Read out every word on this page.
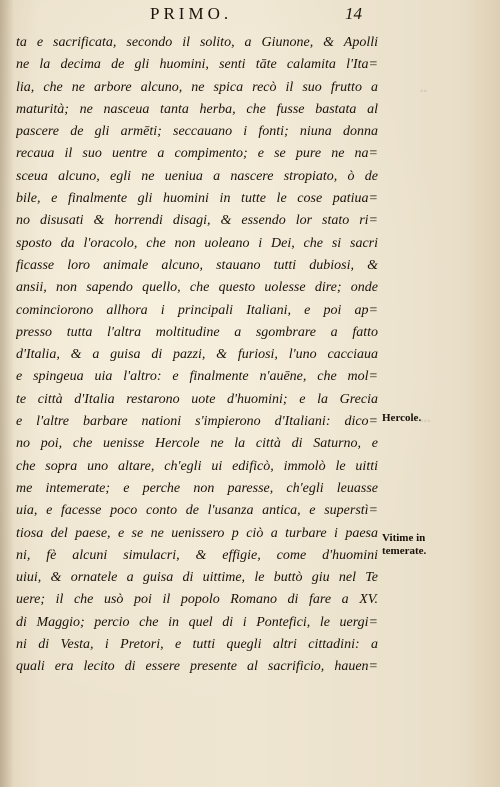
PRIMO.	14
ta e sacrificata, secondo il solito, a Giunone, & Apolli
ne la decima de gli huomini, senti tāte calamita l'Ita=
lia, che ne arbore alcuno, ne spica recò il suo frutto a
maturità; ne nasceua tanta herba, che fusse bastata al
pascere de gli armēti; seccauano i fonti; niuna donna
recaua il suo uentre a compimento; e se pure ne na=
sceua alcuno, egli ne ueniua a nascere stropiato, ò de
bile, e finalmente gli huomini in tutte le cose patiua=
no disusati & horrendi disagi, & essendo lor stato ri=
sposto da l'oracolo, che non uoleano i Dei, che si sacri
ficasse loro animale alcuno, stauano tutti dubiosi, &
ansii, non sapendo quello, che questo uolesse dire; onde
cominciorono allhora i principali Italiani, e poi ap=
presso tutta l'altra moltitudine a sgombrare a fatto
d'Italia, & a guisa di pazzi, & furiosi, l'uno cacciaua
e spingeua uia l'altro: e finalmente n'auēne, che mol=
te città d'Italia restarono uote d'huomini; e la Grecia
e l'altre barbare nationi s'impierono d'Italiani: dico=
no poi, che uenisse Hercole ne la città di Saturno, e
che sopra uno altare, ch'egli ui edificò, immolò le uitti
me intemerate; e perche non paresse, ch'egli leuasse
uia, e facesse poco conto de l'usanza antica, e superstì=
tiosa del paese, e se ne uenissero p ciò a turbare i paesa
ni, fè alcuni simulacri, & effigie, come d'huomini
uiui, & ornatele a guisa di uittime, le buttò giu nel Te
uere; il che usò poi il popolo Romano di fare a XV.
di Maggio; percio che in quel di i Pontefici, le uergi=
ni di Vesta, i Pretori, e tutti quegli altri cittadini: a
quali era lecito di essere presente al sacrificio, hauen=
Hercole.
Vitime in
temerate.
◦◦
◦◦◦
